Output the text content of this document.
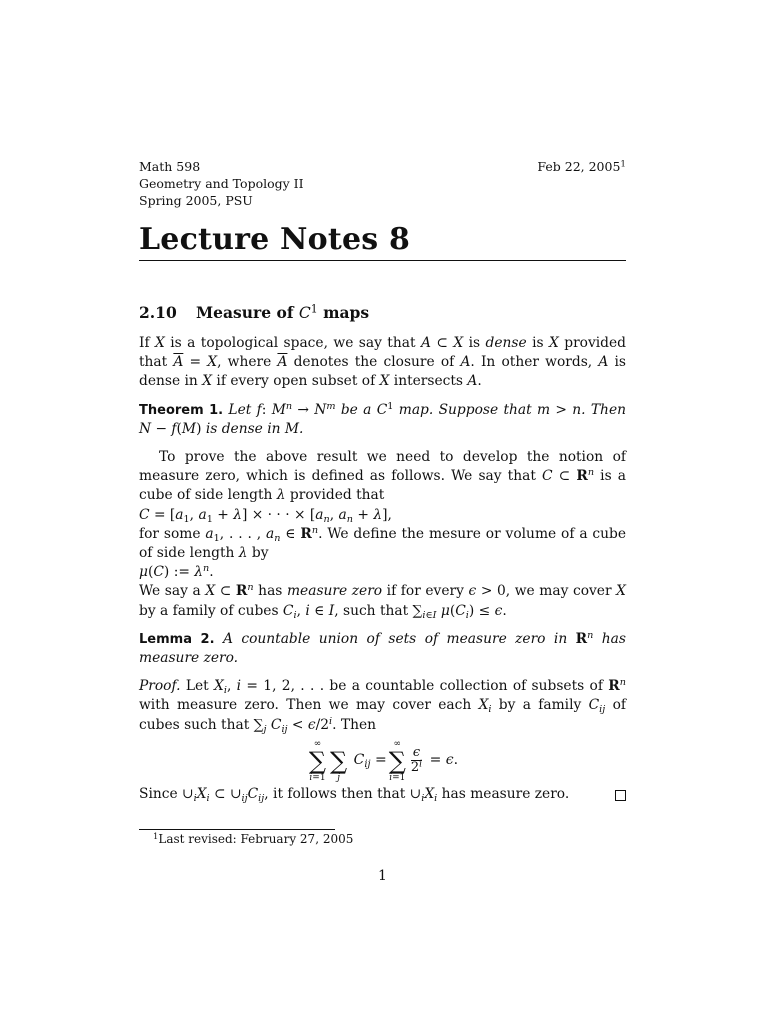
Math 598
Geometry and Topology II
Spring 2005, PSU
Feb 22, 2005$^1$
Lecture Notes 8
2.10 Measure of $C^1$ maps

If X is a topological space, we say that A ⊂ X is dense is X provided that $\overline{A} = X$, where $\overline{A}$ denotes the closure of A. In other words, A is dense in X if every open subset of X intersects A.

Theorem 1. Let f: $M^n \to N^m$ be a $C^1$ map. Suppose that m > n. Then N − f(M) is dense in M.

To prove the above result we need to develop the notion of measure zero, which is defined as follows. We say that C ⊂ $R^n$ is a cube of side length λ provided that

$C = [a_1$, $a_1 + \lambda$] × · · · × [$a_n$, $a_n + \lambda$],

for some $a_1$, . . . , $a_n$ ∈ $R^n$. We define the mesure or volume of a cube of side length λ by

μ(C) := $\lambda^n$.

We say a X ⊂ $R^n$ has measure zero if for every ϵ > 0, we may cover X by a family of cubes $C_i$, i ∈ I, such that $\sum_{i\in I}$ $\mu(C_i) \le \epsilon$.

Lemma 2. A countable union of sets of measure zero in $R^n$ has measure zero.

Proof. Let $X_i$, i = 1, 2, . . . be a countable collection of subsets of $R^n$ with measure zero. Then we may cover each $X_i$ by a family $C_{ij}$ of cubes such that $\sum_j$ $C_{ij} < \epsilon/2^i$. Then

∞
∑
i=1

∑
j
$C_{ij}$ =
∞
∑
i=1
$\frac{\epsilon}{2^i} = \epsilon$ .

Since $\cup_iX_i$ ⊂ $\cup_{ij}C_{ij}$, it follows then that $\cup_iX_i$ has measure zero.

$^1$Last revised: February 27, 2005
1
